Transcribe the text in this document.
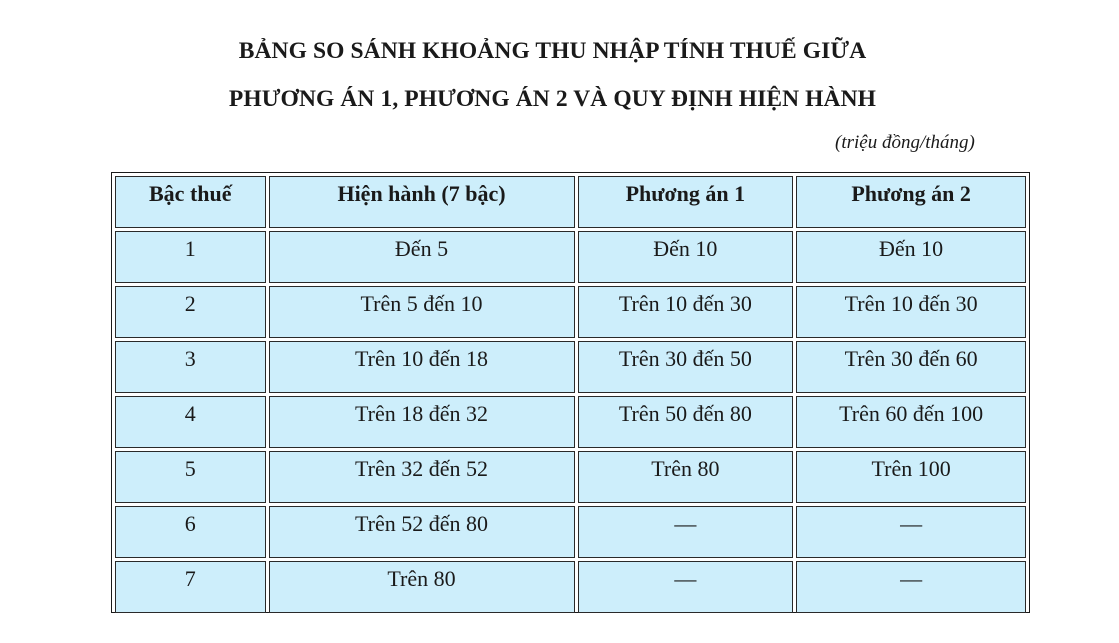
BẢNG SO SÁNH KHOẢNG THU NHẬP TÍNH THUẾ GIỮA
PHƯƠNG ÁN 1, PHƯƠNG ÁN 2 VÀ QUY ĐỊNH HIỆN HÀNH
(triệu đồng/tháng)
Bậc thuế	Hiện hành (7 bậc)	Phương án 1	Phương án 2
1	Đến 5	Đến 10	Đến 10
2	Trên 5 đến 10	Trên 10 đến 30	Trên 10 đến 30
3	Trên 10 đến 18	Trên 30 đến 50	Trên 30 đến 60
4	Trên 18 đến 32	Trên 50 đến 80	Trên 60 đến 100
5	Trên 32 đến 52	Trên 80	Trên 100
6	Trên 52 đến 80	—	—
7	Trên 80	—	—
